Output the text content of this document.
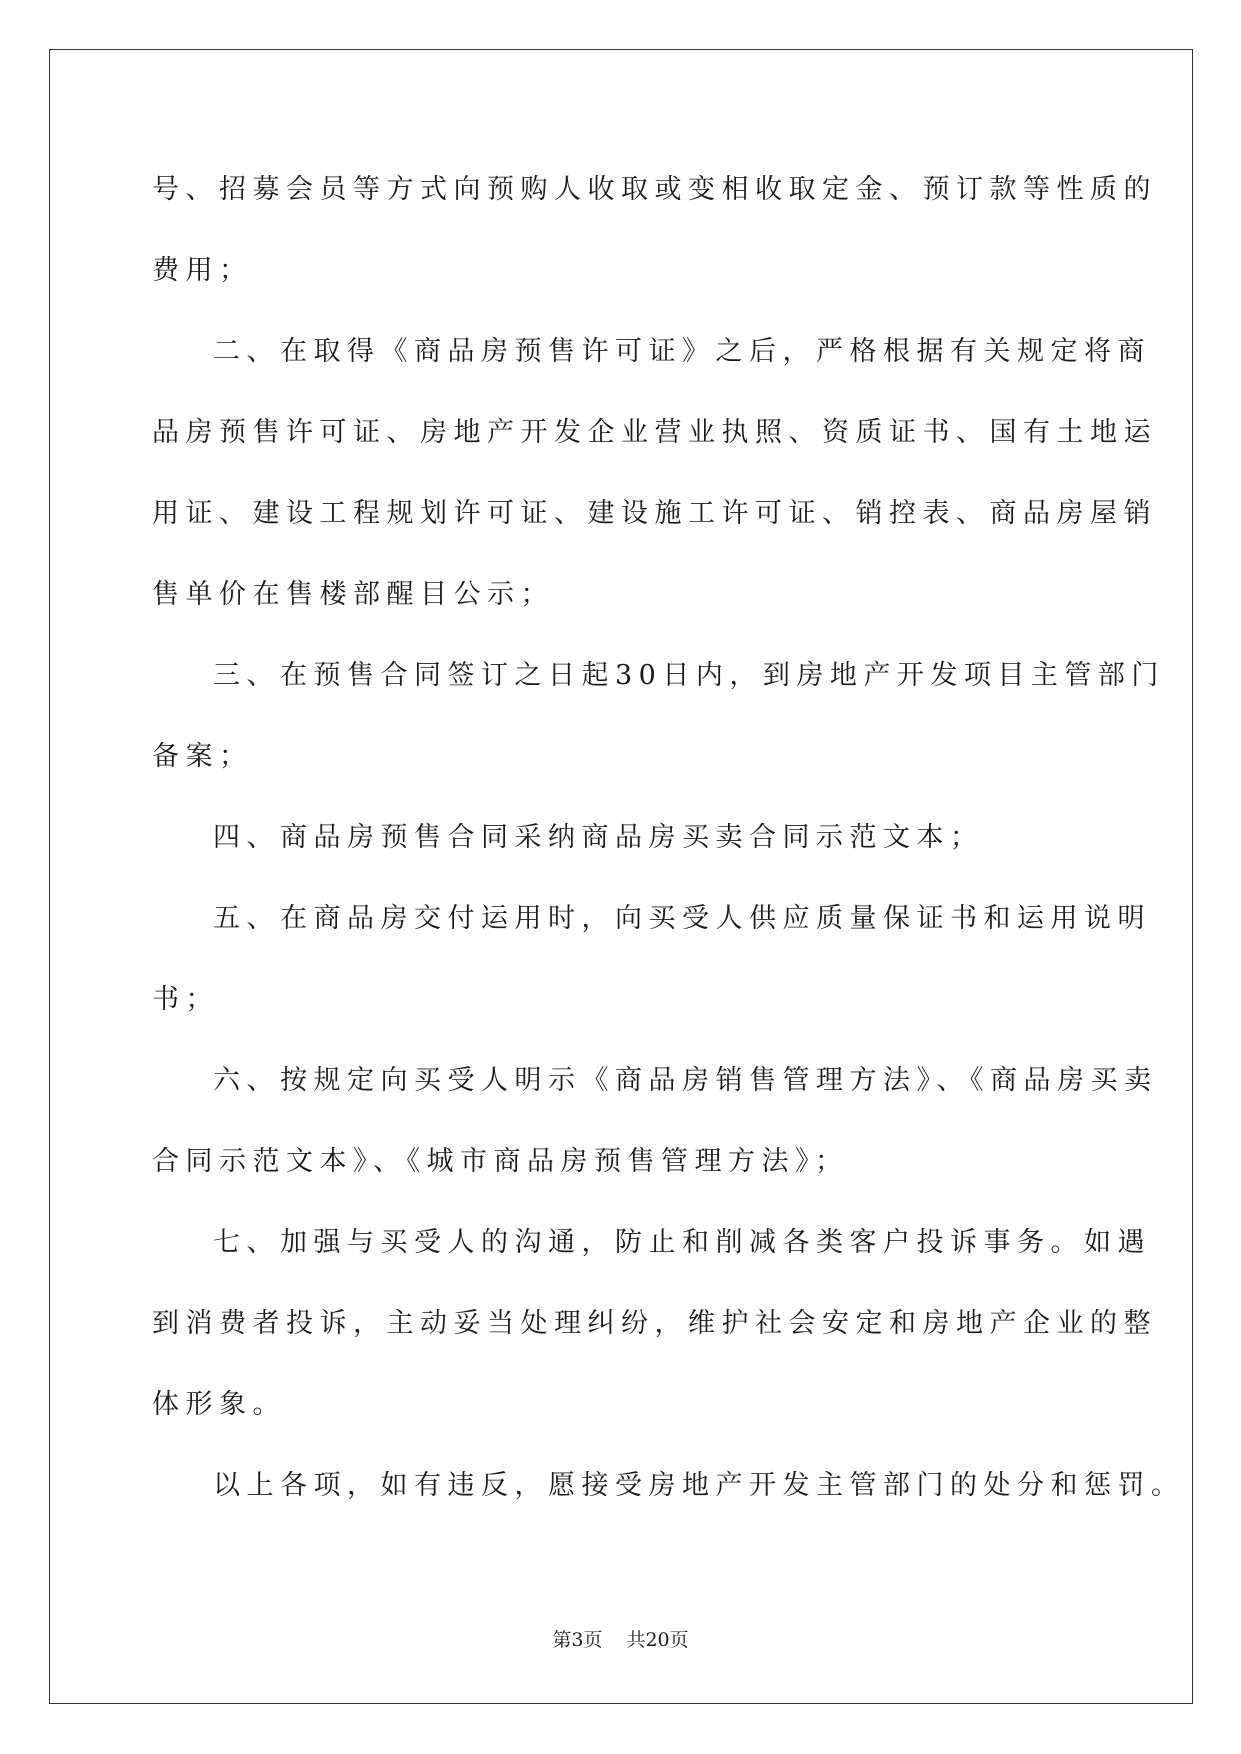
号、招募会员等方式向预购人收取或变相收取定金、预订款等性质的
费用；
二、在取得《商品房预售许可证》之后，严格根据有关规定将商
品房预售许可证、房地产开发企业营业执照、资质证书、国有土地运
用证、建设工程规划许可证、建设施工许可证、销控表、商品房屋销
售单价在售楼部醒目公示；
三、在预售合同签订之日起30日内，到房地产开发项目主管部门
备案；
四、商品房预售合同采纳商品房买卖合同示范文本；
五、在商品房交付运用时，向买受人供应质量保证书和运用说明
书；
六、按规定向买受人明示《商品房销售管理方法》、《商品房买卖
合同示范文本》、《城市商品房预售管理方法》；
七、加强与买受人的沟通，防止和削减各类客户投诉事务。如遇
到消费者投诉，主动妥当处理纠纷，维护社会安定和房地产企业的整
体形象。
以上各项，如有违反，愿接受房地产开发主管部门的处分和惩罚。
第3页 共20页
